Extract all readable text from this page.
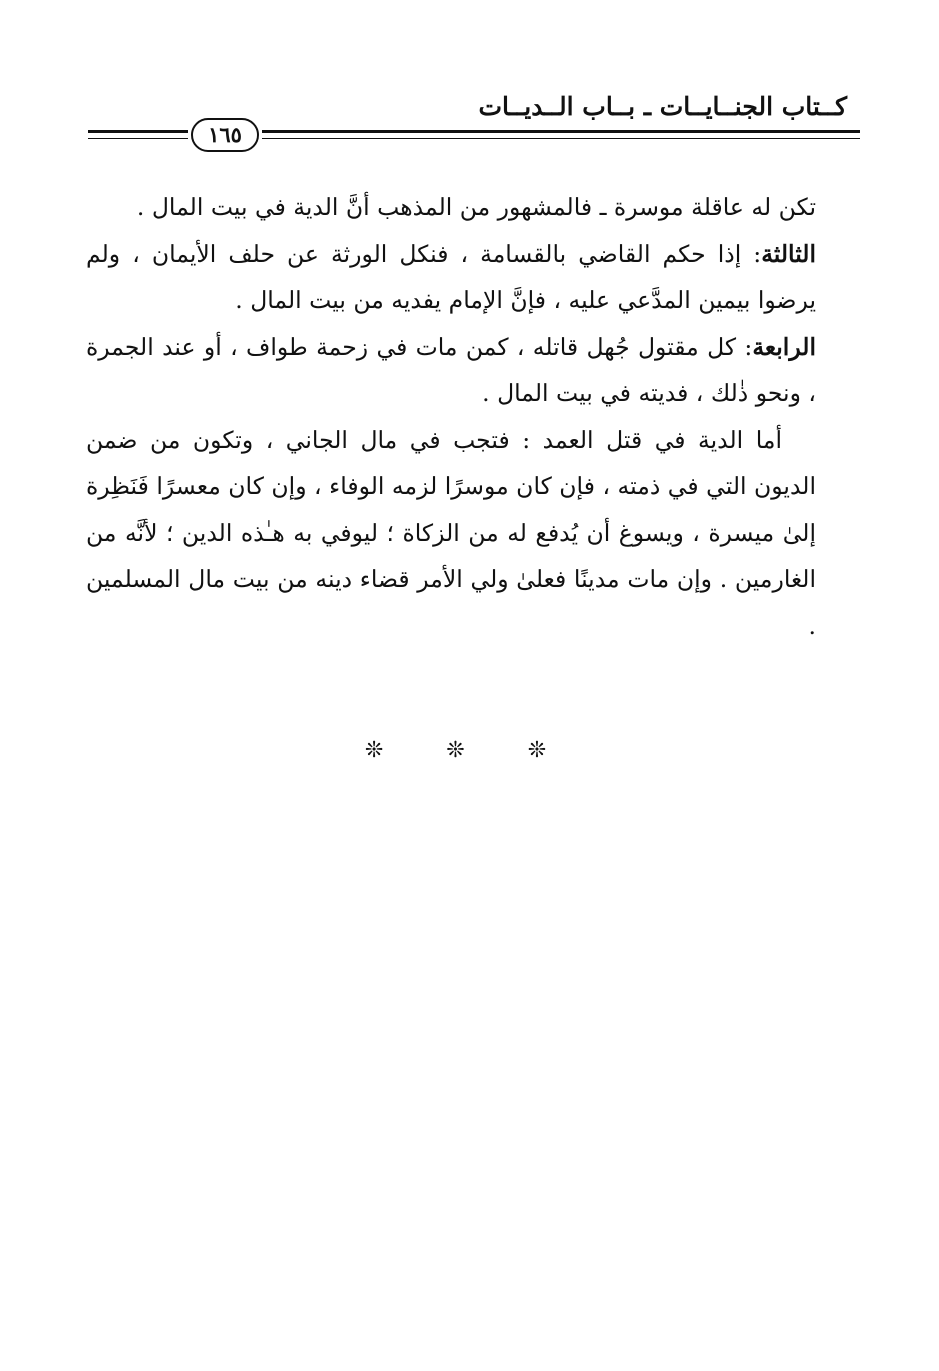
كــتاب الجنــايــات ـ بــاب الــديــات
١٦٥

تكن له عاقلة موسرة ـ فالمشهور من المذهب أنَّ الدية في بيت المال .

الثالثة: إذا حكم القاضي بالقسامة ، فنكل الورثة عن حلف الأيمان ، ولم يرضوا بيمين المدَّعي عليه ، فإنَّ الإمام يفديه من بيت المال .

الرابعة: كل مقتول جُهل قاتله ، كمن مات في زحمة طواف ، أو عند الجمرة ، ونحو ذٰلك ، فديته في بيت المال .

أما الدية في قتل العمد : فتجب في مال الجاني ، وتكون من ضمن الديون التي في ذمته ، فإن كان موسرًا لزمه الوفاء ، وإن كان معسرًا فَنَظِرة إلىٰ ميسرة ، ويسوغ أن يُدفع له من الزكاة ؛ ليوفي به هـٰذه الدين ؛ لأنَّه من الغارمين . وإن مات مدينًا فعلىٰ ولي الأمر قضاء دينه من بيت مال المسلمين .

❊ ❊ ❊
